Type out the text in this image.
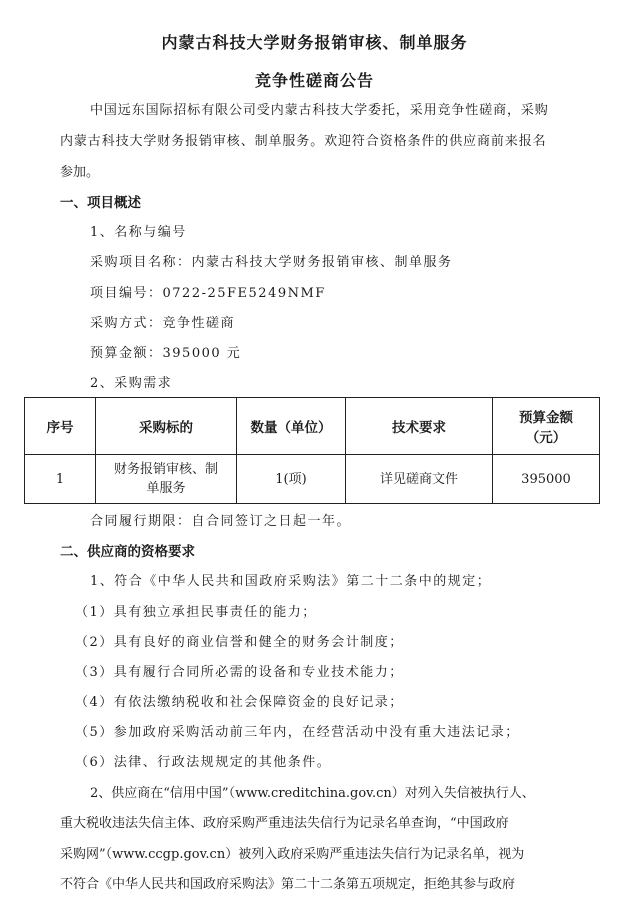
内蒙古科技大学财务报销审核、制单服务
竞争性磋商公告
中国远东国际招标有限公司受内蒙古科技大学委托，采用竞争性磋商，采购
内蒙古科技大学财务报销审核、制单服务。欢迎符合资格条件的供应商前来报名
参加。
一、项目概述
1、名称与编号
采购项目名称：内蒙古科技大学财务报销审核、制单服务
项目编号：0722-25FE5249NMF
采购方式：竞争性磋商
预算金额：395000 元
2、采购需求
序号	采购标的	数量（单位）	技术要求	预算金额
（元）

1	财务报销审核、制
单服务	1(项)	详见磋商文件	395000
合同履行期限：自合同签订之日起一年。
二、供应商的资格要求
1、符合《中华人民共和国政府采购法》第二十二条中的规定；
（1）具有独立承担民事责任的能力；
（2）具有良好的商业信誉和健全的财务会计制度；
（3）具有履行合同所必需的设备和专业技术能力；
（4）有依法缴纳税收和社会保障资金的良好记录；
（5）参加政府采购活动前三年内，在经营活动中没有重大违法记录；
（6）法律、行政法规规定的其他条件。
2、供应商在“信用中国”（www.creditchina.gov.cn）对列入失信被执行人、
重大税收违法失信主体、政府采购严重违法失信行为记录名单查询，“中国政府
采购网”（www.ccgp.gov.cn）被列入政府采购严重违法失信行为记录名单，视为
不符合《中华人民共和国政府采购法》第二十二条第五项规定，拒绝其参与政府
